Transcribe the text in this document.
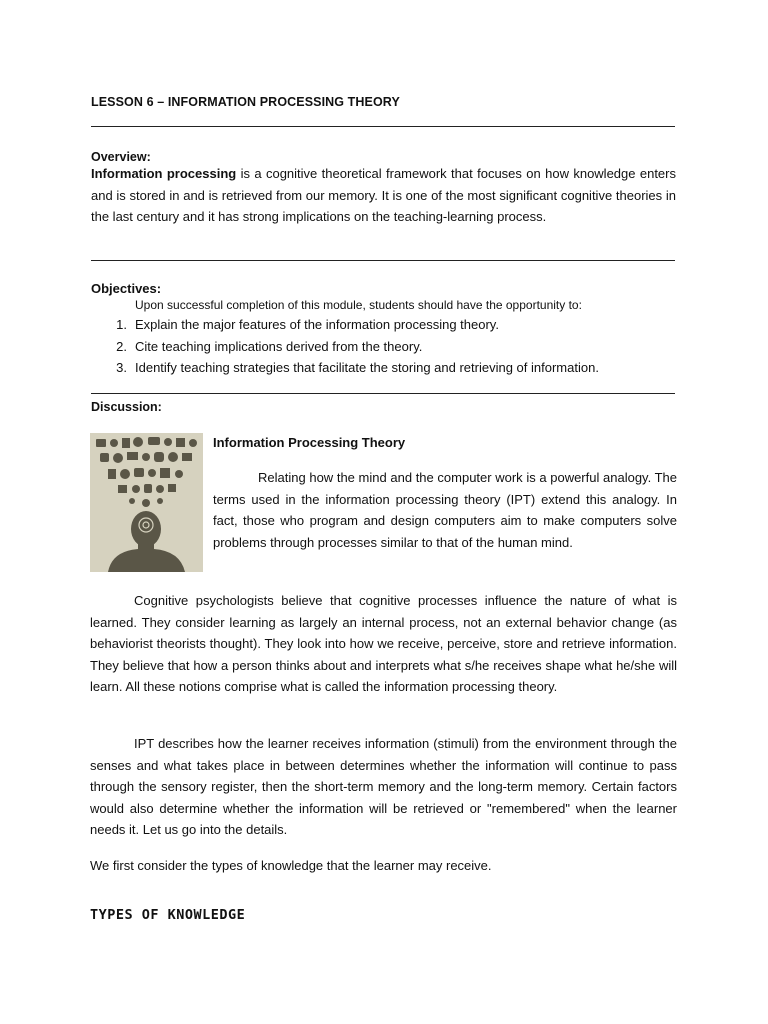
LESSON 6 – INFORMATION PROCESSING THEORY
Overview:
Information processing is a cognitive theoretical framework that focuses on how knowledge enters and is stored in and is retrieved from our memory. It is one of the most significant cognitive theories in the last century and it has strong implications on the teaching-learning process.
Objectives:
Upon successful completion of this module, students should have the opportunity to:
1. Explain the major features of the information processing theory.
2. Cite teaching implications derived from the theory.
3. Identify teaching strategies that facilitate the storing and retrieving of information.
Discussion:
Information Processing Theory
Relating how the mind and the computer work is a powerful analogy. The terms used in the information processing theory (IPT) extend this analogy. In fact, those who program and design computers aim to make computers solve problems through processes similar to that of the human mind.
Cognitive psychologists believe that cognitive processes influence the nature of what is learned. They consider learning as largely an internal process, not an external behavior change (as behaviorist theorists thought). They look into how we receive, perceive, store and retrieve information. They believe that how a person thinks about and interprets what s/he receives shape what he/she will learn. All these notions comprise what is called the information processing theory.
IPT describes how the learner receives information (stimuli) from the environment through the senses and what takes place in between determines whether the information will continue to pass through the sensory register, then the short-term memory and the long-term memory. Certain factors would also determine whether the information will be retrieved or "remembered" when the learner needs it. Let us go into the details.
We first consider the types of knowledge that the learner may receive.
TYPES OF KNOWLEDGE
